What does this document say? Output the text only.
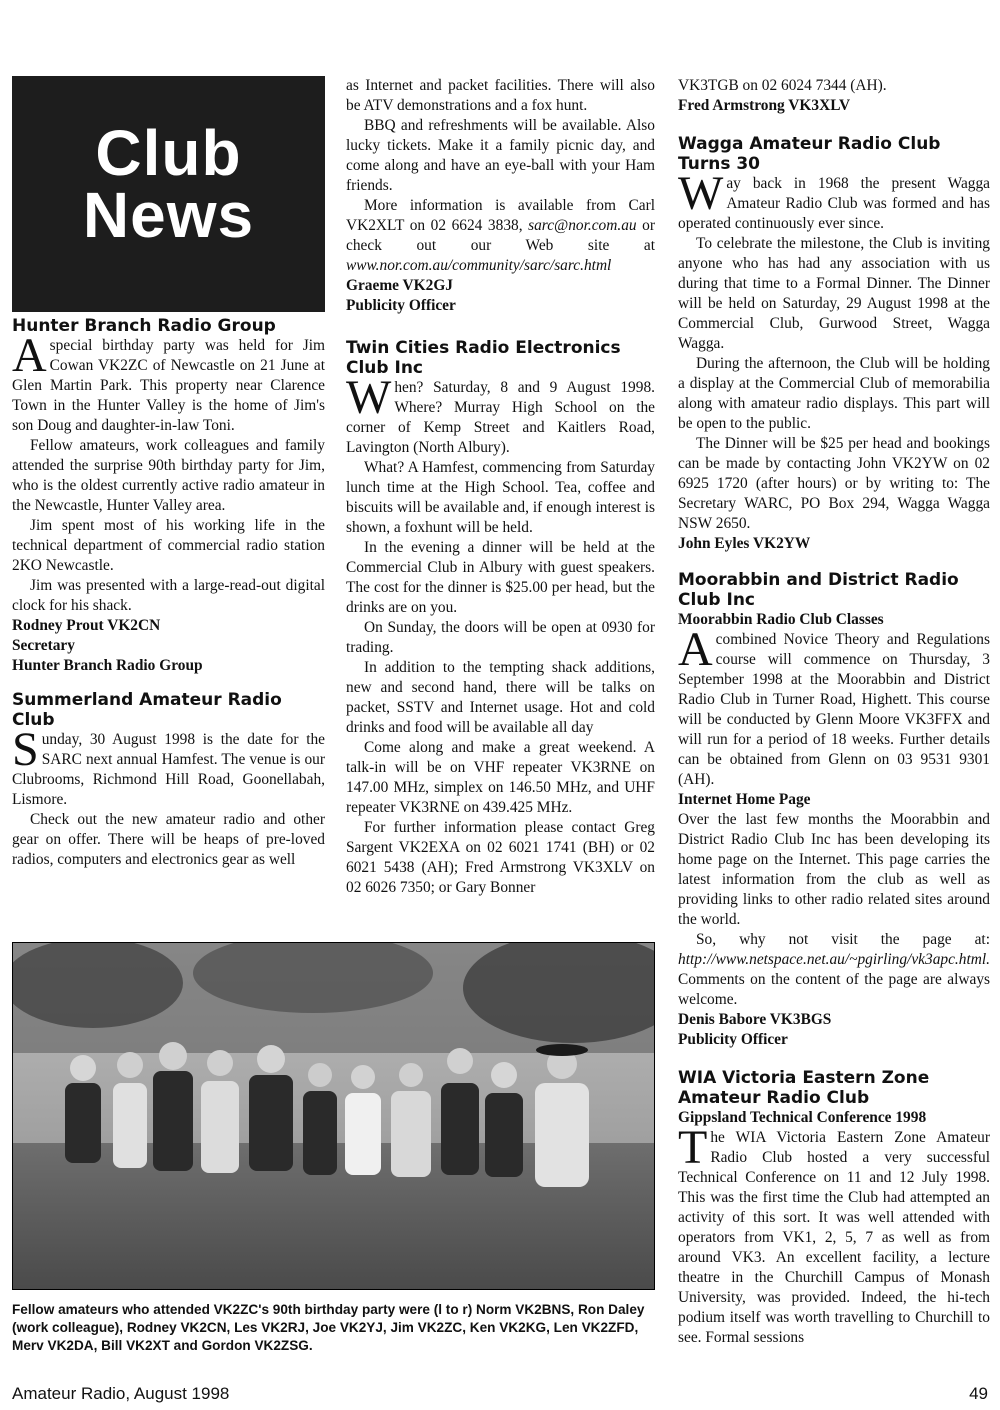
Club
News
Hunter Branch Radio Group

Aspecial birthday party was held for Jim Cowan VK2ZC of Newcastle on 21 June at Glen Martin Park. This property near Clarence Town in the Hunter Valley is the home of Jim's son Doug and daughter-in-law Toni.

Fellow amateurs, work colleagues and family attended the surprise 90th birthday party for Jim, who is the oldest currently active radio amateur in the Newcastle, Hunter Valley area.

Jim spent most of his working life in the technical department of commercial radio station 2KO Newcastle.

Jim was presented with a large-read-out digital clock for his shack.

Rodney Prout VK2CN
Secretary
Hunter Branch Radio Group
Summerland Amateur Radio Club

Sunday, 30 August 1998 is the date for the SARC next annual Hamfest. The venue is our Clubrooms, Richmond Hill Road, Goonellabah, Lismore.

Check out the new amateur radio and other gear on offer. There will be heaps of pre-loved radios, computers and electronics gear as well

as Internet and packet facilities. There will also be ATV demonstrations and a fox hunt.

BBQ and refreshments will be available. Also lucky tickets. Make it a family picnic day, and come along and have an eye-ball with your Ham friends.

More information is available from Carl VK2XLT on 02 6624 3838, sarc@nor.com.au or check out our Web site at www.nor.com.au/community/sarc/sarc.html

Graeme VK2GJ
Publicity Officer
Twin Cities Radio Electronics Club Inc

When? Saturday, 8 and 9 August 1998. Where? Murray High School on the corner of Kemp Street and Kaitlers Road, Lavington (North Albury).

What? A Hamfest, commencing from Saturday lunch time at the High School. Tea, coffee and biscuits will be available and, if enough interest is shown, a foxhunt will be held.

In the evening a dinner will be held at the Commercial Club in Albury with guest speakers. The cost for the dinner is $25.00 per head, but the drinks are on you.

On Sunday, the doors will be open at 0930 for trading.

In addition to the tempting shack additions, new and second hand, there will be talks on packet, SSTV and Internet usage. Hot and cold drinks and food will be available all day

Come along and make a great weekend. A talk-in will be on VHF repeater VK3RNE on 147.00 MHz, simplex on 146.50 MHz, and UHF repeater VK3RNE on 439.425 MHz.

For further information please contact Greg Sargent VK2EXA on 02 6021 1741 (BH) or 02 6021 5438 (AH); Fred Armstrong VK3XLV on 02 6026 7350; or Gary Bonner

VK3TGB on 02 6024 7344 (AH).

Fred Armstrong VK3XLV
Wagga Amateur Radio Club Turns 30

Way back in 1968 the present Wagga Amateur Radio Club was formed and has operated continuously ever since.

To celebrate the milestone, the Club is inviting anyone who has had any association with us during that time to a Formal Dinner. The Dinner will be held on Saturday, 29 August 1998 at the Commercial Club, Gurwood Street, Wagga Wagga.

During the afternoon, the Club will be holding a display at the Commercial Club of memorabilia along with amateur radio displays. This part will be open to the public.

The Dinner will be $25 per head and bookings can be made by contacting John VK2YW on 02 6925 1720 (after hours) or by writing to: The Secretary WARC, PO Box 294, Wagga Wagga NSW 2650.

John Eyles VK2YW
Moorabbin and District Radio Club Inc
Moorabbin Radio Club Classes

Acombined Novice Theory and Regulations course will commence on Thursday, 3 September 1998 at the Moorabbin and District Radio Club in Turner Road, Highett. This course will be conducted by Glenn Moore VK3FFX and will run for a period of 18 weeks. Further details can be obtained from Glenn on 03 9531 9301 (AH).

Internet Home Page

Over the last few months the Moorabbin and District Radio Club Inc has been developing its home page on the Internet. This page carries the latest information from the club as well as providing links to other radio related sites around the world.

So, why not visit the page at: http://www.netspace.net.au/~pgirling/vk3apc.html. Comments on the content of the page are always welcome.

Denis Babore VK3BGS
Publicity Officer
WIA Victoria Eastern Zone Amateur Radio Club
Gippsland Technical Conference 1998

The WIA Victoria Eastern Zone Amateur Radio Club hosted a very successful Technical Conference on 11 and 12 July 1998. This was the first time the Club had attempted an activity of this sort. It was well attended with operators from VK1, 2, 5, 7 as well as from around VK3. An excellent facility, a lecture theatre in the Churchill Campus of Monash University, was provided. Indeed, the hi-tech podium itself was worth travelling to Churchill to see. Formal sessions

Fellow amateurs who attended VK2ZC's 90th birthday party were (l to r) Norm VK2BNS, Ron Daley (work colleague), Rodney VK2CN, Les VK2RJ, Joe VK2YJ, Jim VK2ZC, Ken VK2KG, Len VK2ZFD, Merv VK2DA, Bill VK2XT and Gordon VK2ZSG.
Amateur Radio, August 1998	49
